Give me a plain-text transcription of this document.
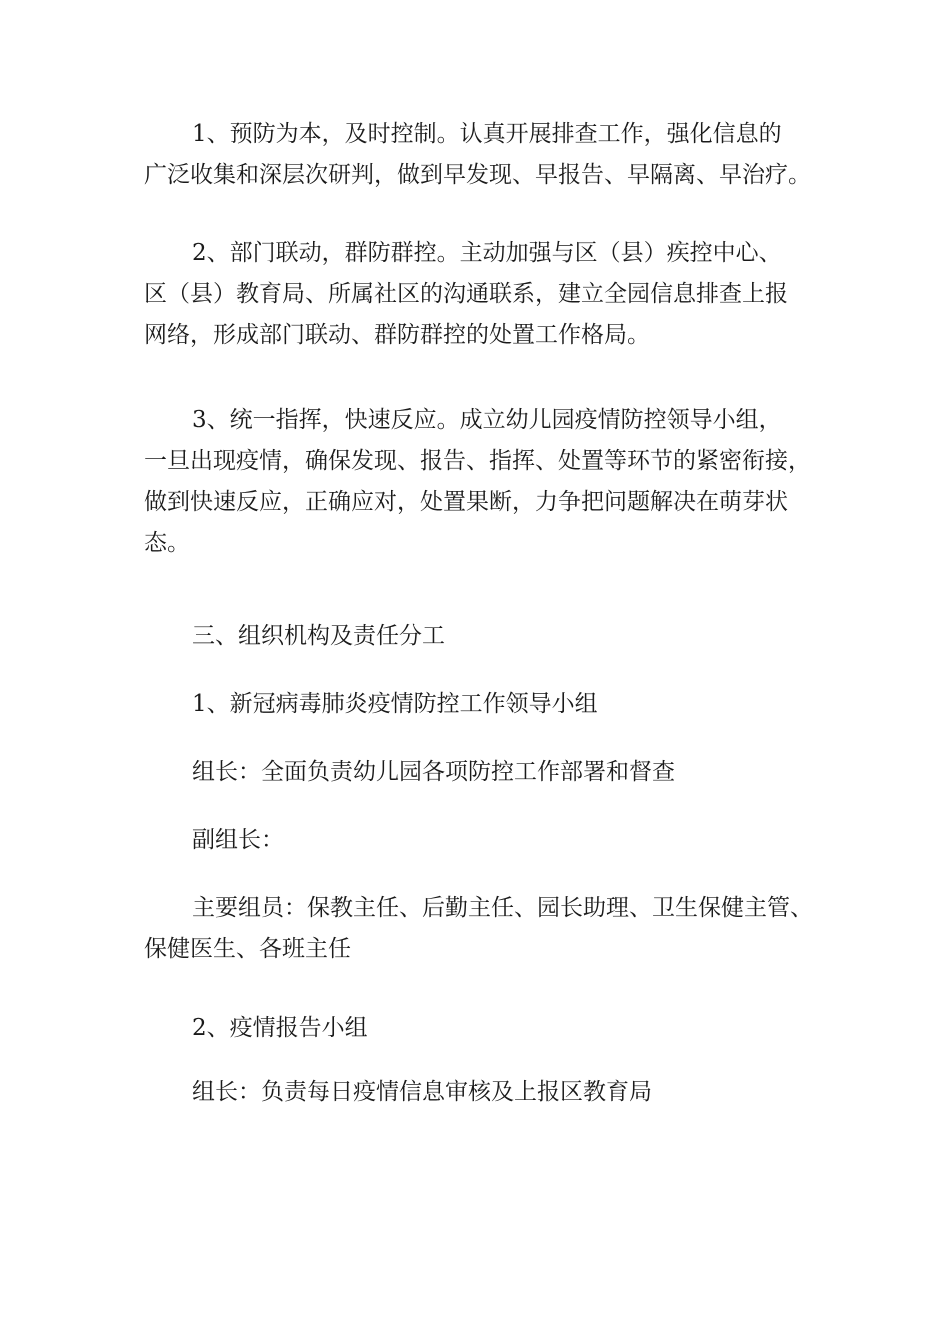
1、预防为本，及时控制。认真开展排查工作，强化信息的
广泛收集和深层次研判，做到早发现、早报告、早隔离、早治疗。
2、部门联动，群防群控。主动加强与区（县）疾控中心、
区（县）教育局、所属社区的沟通联系，建立全园信息排查上报
网络，形成部门联动、群防群控的处置工作格局。
3、统一指挥，快速反应。成立幼儿园疫情防控领导小组，
一旦出现疫情，确保发现、报告、指挥、处置等环节的紧密衔接，
做到快速反应，正确应对，处置果断，力争把问题解决在萌芽状
态。
三、组织机构及责任分工
1、新冠病毒肺炎疫情防控工作领导小组
组长：全面负责幼儿园各项防控工作部署和督查
副组长：
主要组员：保教主任、后勤主任、园长助理、卫生保健主管、
保健医生、各班主任
2、疫情报告小组
组长：负责每日疫情信息审核及上报区教育局
